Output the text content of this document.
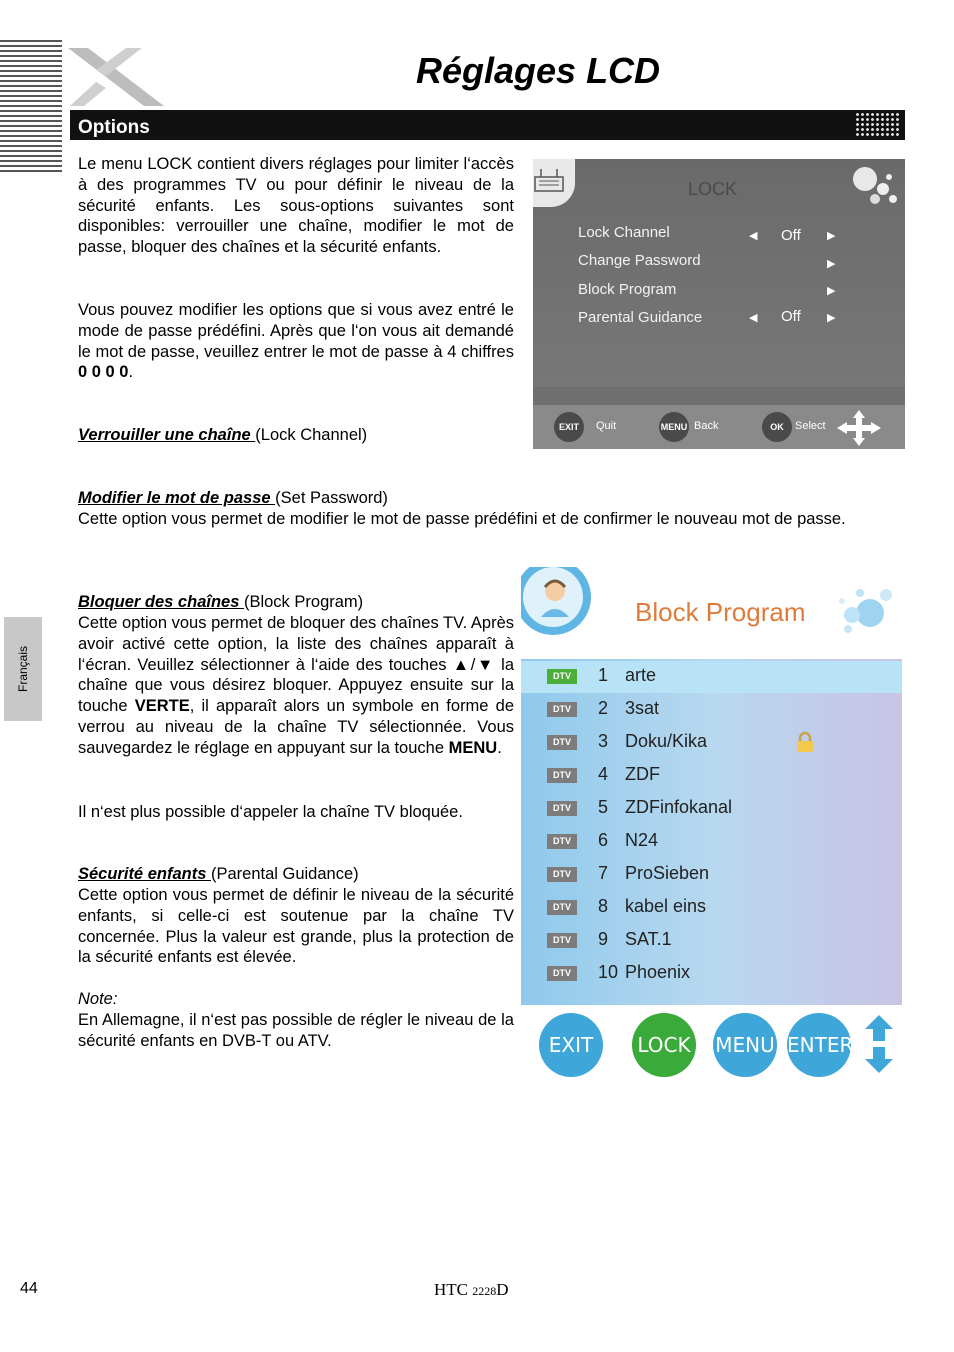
Réglages LCD
Options
Français

Le menu LOCK contient divers réglages pour limiter l‘accès à des programmes TV ou pour définir le niveau de la sécurité enfants. Les sous-options suivantes sont disponibles: verrouiller une chaîne, modifier le mot de passe, bloquer des chaînes et la sécurité enfants.

Vous pouvez modifier les options que si vous avez entré le mode de passe prédéfini. Après que l‘on vous ait demandé le mot de passe, veuillez entrer le mot de passe à 4 chiffres 0 0 0 0.

Verrouiller une chaîne (Lock Channel)
Modifier le mot de passe (Set Password)

Cette option vous permet de modifier le mot de passe prédéfini et de confirmer le nouveau mot de passe.

Bloquer des chaînes (Block Program)

Cette option vous permet de bloquer des chaînes TV. Après avoir activé cette option, la liste des chaînes apparaît à l‘écran. Veuillez sélectionner à l‘aide des touches ▲/▼ la chaîne que vous désirez bloquer. Appuyez ensuite sur la touche VERTE, il apparaît alors un symbole en forme de verrou au niveau de la chaîne TV sélectionnée. Vous sauvegardez le réglage en appuyant sur la touche MENU.

Il n‘est plus possible d‘appeler la chaîne TV bloquée.

Sécurité enfants (Parental Guidance)

Cette option vous permet de définir le niveau de la sécurité enfants, si celle-ci est soutenue par la chaîne TV concernée. Plus la valeur est grande, plus la protection de la sécurité enfants est élevée.

Note:

En Allemagne, il n‘est pas possible de régler le niveau de la sécurité enfants en DVB-T ou ATV.

LOCK
Lock Channel	◀ Off ▶
Change Password	▶
Block Program	▶
Parental Guidance	◀ Off ▶
EXIT	Quit	MENU Back	OK	Select
Block Program
DTV	1 arte
DTV	2 3sat
DTV	3 Doku/Kika
DTV	4 ZDF
DTV	5 ZDFinfokanal
DTV	6 N24
DTV	7 ProSieben
DTV	8 kabel eins
DTV	9 SAT.1
DTV	10 Phoenix
EXIT	LOCK MENU ENTER
44	HTC 2228D
